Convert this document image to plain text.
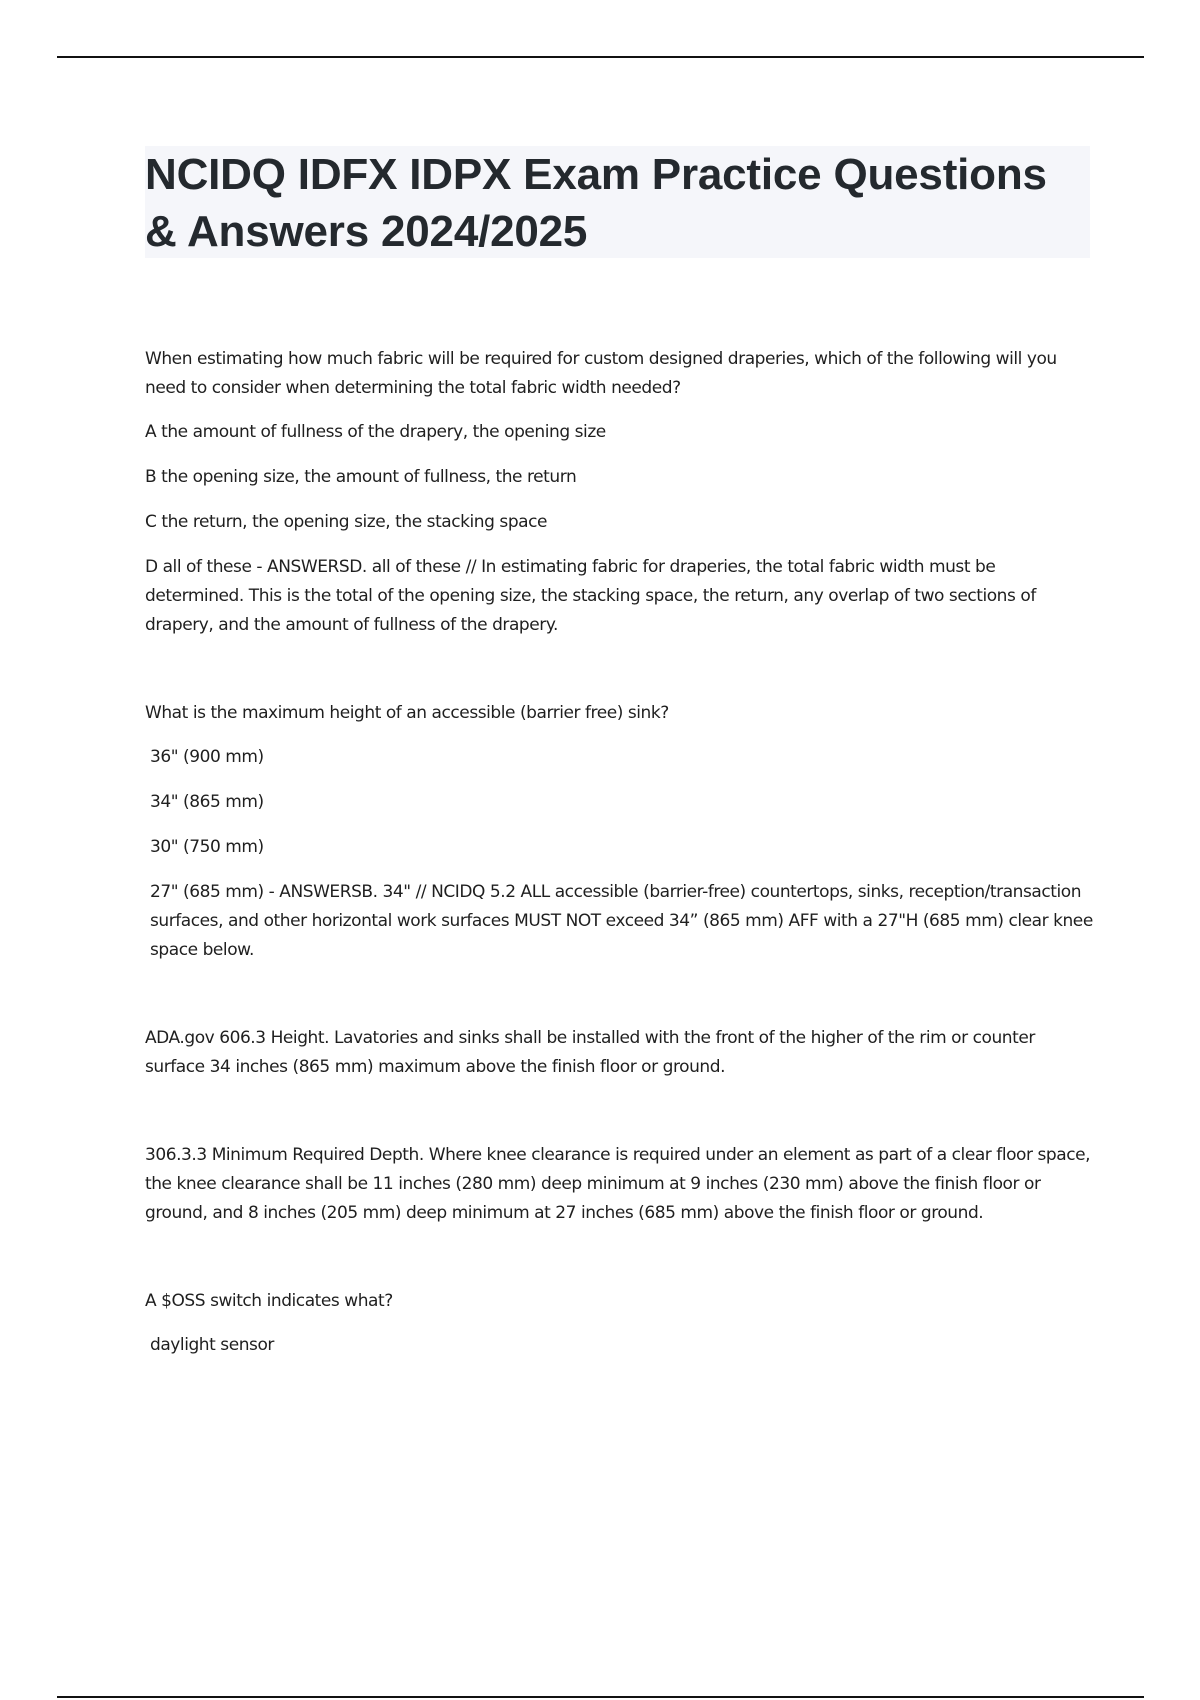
NCIDQ IDFX IDPX Exam Practice Questions & Answers 2024/2025

When estimating how much fabric will be required for custom designed draperies, which of the following will you need to consider when determining the total fabric width needed?

A the amount of fullness of the drapery, the opening size

B the opening size, the amount of fullness, the return

C the return, the opening size, the stacking space

D all of these - ANSWERSD. all of these // In estimating fabric for draperies, the total fabric width must be determined. This is the total of the opening size, the stacking space, the return, any overlap of two sections of drapery, and the amount of fullness of the drapery.

What is the maximum height of an accessible (barrier free) sink?

36" (900 mm)

34" (865 mm)

30" (750 mm)

27" (685 mm) - ANSWERSB. 34" // NCIDQ 5.2 ALL accessible (barrier-free) countertops, sinks, reception/transaction surfaces, and other horizontal work surfaces MUST NOT exceed 34” (865 mm) AFF with a 27"H (685 mm) clear knee space below.

ADA.gov 606.3 Height. Lavatories and sinks shall be installed with the front of the higher of the rim or counter surface 34 inches (865 mm) maximum above the finish floor or ground.

306.3.3 Minimum Required Depth. Where knee clearance is required under an element as part of a clear floor space, the knee clearance shall be 11 inches (280 mm) deep minimum at 9 inches (230 mm) above the finish floor or ground, and 8 inches (205 mm) deep minimum at 27 inches (685 mm) above the finish floor or ground.

A $OSS switch indicates what?

daylight sensor
